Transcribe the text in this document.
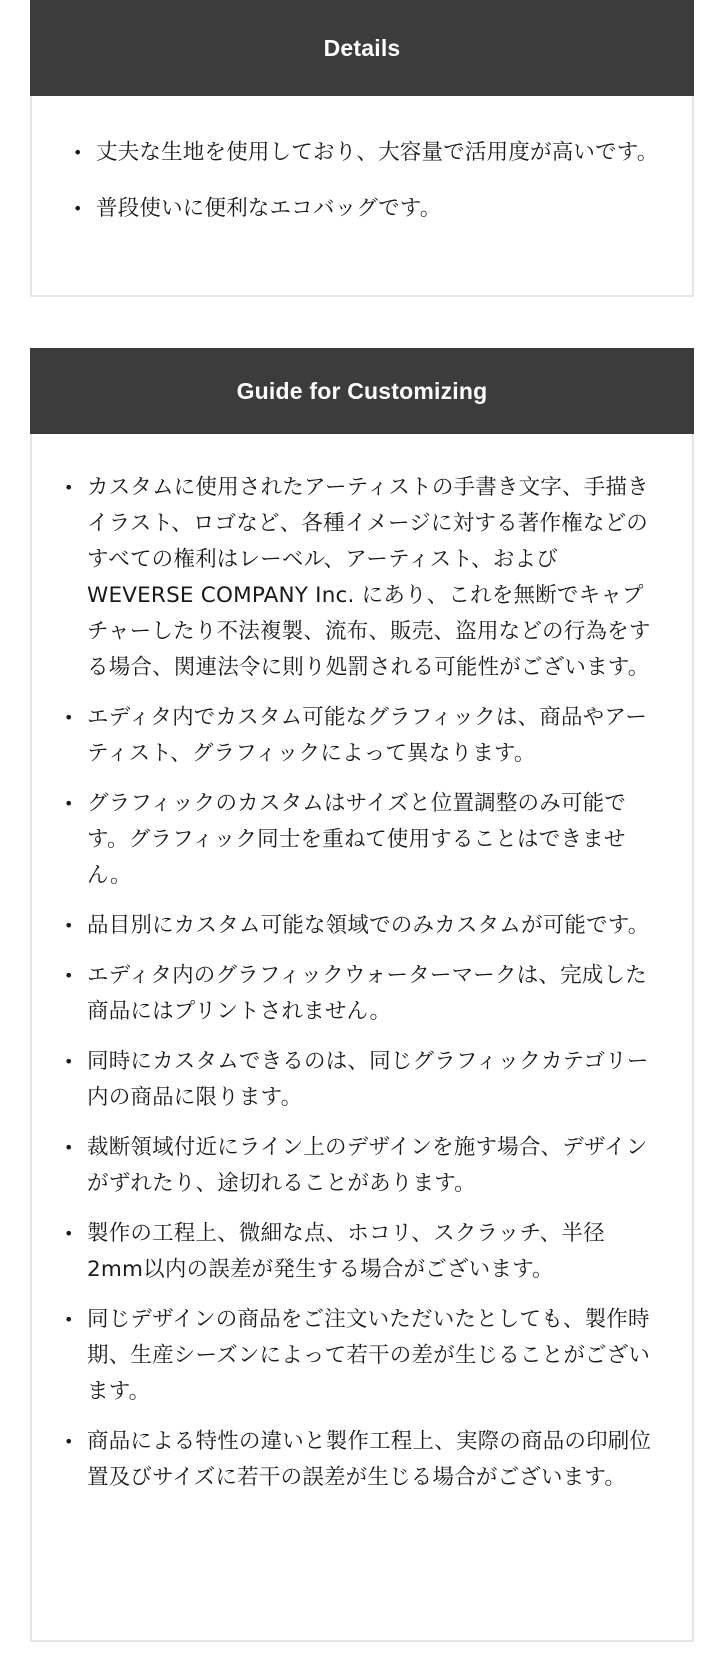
Details
• 丈夫な生地を使用しており、大容量で活用度が高いです。
• 普段使いに便利なエコバッグです。
Guide for Customizing
• カスタムに使用されたアーティストの手書き文字、手描きイラスト、ロゴなど、各種イメージに対する著作権などのすべての権利はレーベル、アーティスト、および WEVERSE COMPANY Inc. にあり、これを無断でキャプチャーしたり不法複製、流布、販売、盗用などの行為をする場合、関連法令に則り処罰される可能性がございます。
• エディタ内でカスタム可能なグラフィックは、商品やアーティスト、グラフィックによって異なります。
• グラフィックのカスタムはサイズと位置調整のみ可能です。グラフィック同士を重ねて使用することはできません。
• 品目別にカスタム可能な領域でのみカスタムが可能です。
• エディタ内のグラフィックウォーターマークは、完成した商品にはプリントされません。
• 同時にカスタムできるのは、同じグラフィックカテゴリー内の商品に限ります。
• 裁断領域付近にライン上のデザインを施す場合、デザインがずれたり、途切れることがあります。
• 製作の工程上、微細な点、ホコリ、スクラッチ、半径2mm以内の誤差が発生する場合がございます。
• 同じデザインの商品をご注文いただいたとしても、製作時期、生産シーズンによって若干の差が生じることがございます。
• 商品による特性の違いと製作工程上、実際の商品の印刷位置及びサイズに若干の誤差が生じる場合がございます。
